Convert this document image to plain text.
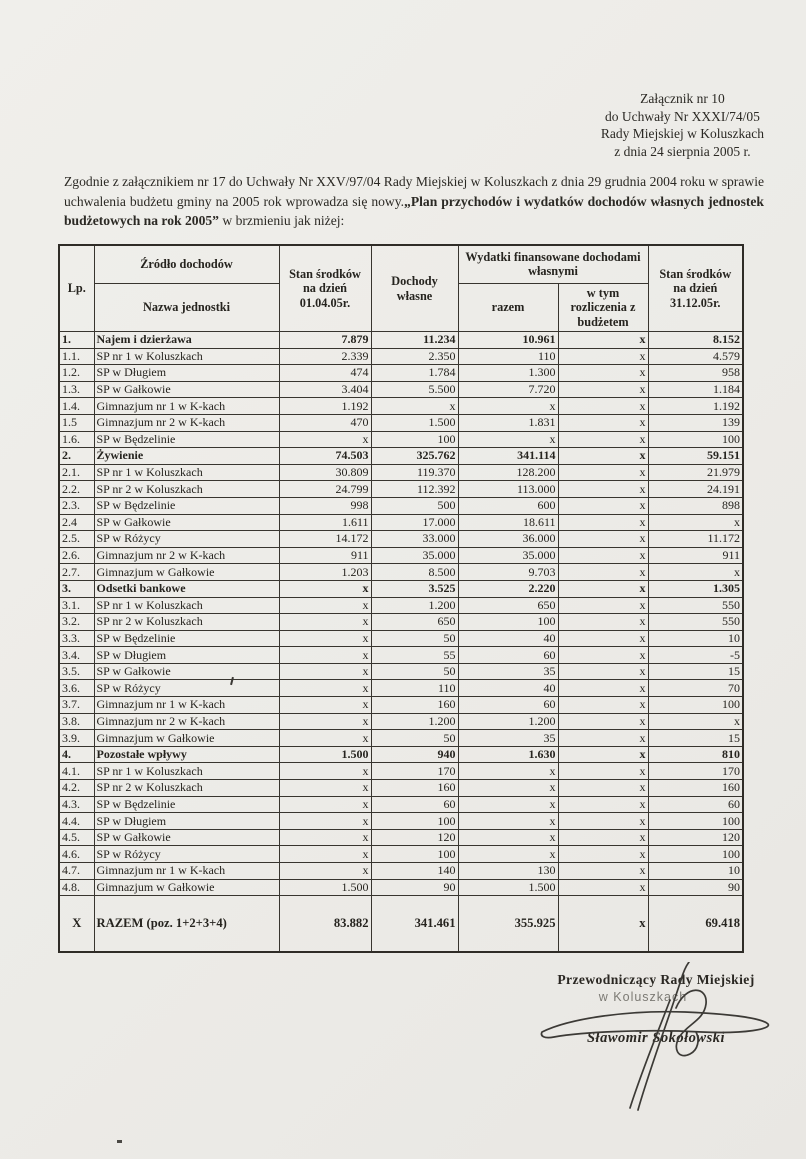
Załącznik nr 10
do Uchwały Nr XXXI/74/05
Rady Miejskiej w Koluszkach
z dnia 24 sierpnia 2005 r.

Zgodnie z załącznikiem nr 17 do Uchwały Nr XXV/97/04 Rady Miejskiej w Koluszkach z dnia 29 grudnia 2004 roku w sprawie uchwalenia budżetu gminy na 2005 rok wprowadza się nowy.„Plan przychodów i wydatków dochodów własnych jednostek budżetowych na rok 2005” w brzmieniu jak niżej:

Lp.	Źródło dochodów	Stan środków na dzień 01.04.05r.	Dochody własne	Wydatki finansowane dochodami własnymi		Stan środków na dzień 31.12.05r.
	Nazwa jednostki			razem	w tym rozliczenia z budżetem	
1.	Najem i dzierżawa	7.879	11.234	10.961	x	8.152
1.1.	SP nr 1 w Koluszkach	2.339	2.350	110	x	4.579
1.2.	SP w Długiem	474	1.784	1.300	x	958
1.3.	SP w Gałkowie	3.404	5.500	7.720	x	1.184
1.4.	Gimnazjum nr 1 w K-kach	1.192	x	x	x	1.192
1.5	Gimnazjum nr 2 w K-kach	470	1.500	1.831	x	139
1.6.	SP w Będzelinie	x	100	x	x	100
2.	Żywienie	74.503	325.762	341.114	x	59.151
2.1.	SP nr 1 w Koluszkach	30.809	119.370	128.200	x	21.979
2.2.	SP nr 2 w Koluszkach	24.799	112.392	113.000	x	24.191
2.3.	SP w Będzelinie	998	500	600	x	898
2.4	SP w Gałkowie	1.611	17.000	18.611	x	x
2.5.	SP w Różycy	14.172	33.000	36.000	x	11.172
2.6.	Gimnazjum nr 2 w K-kach	911	35.000	35.000	x	911
2.7.	Gimnazjum w Gałkowie	1.203	8.500	9.703	x	x
3.	Odsetki bankowe	x	3.525	2.220	x	1.305
3.1.	SP nr 1 w Koluszkach	x	1.200	650	x	550
3.2.	SP nr 2 w Koluszkach	x	650	100	x	550
3.3.	SP w Będzelinie	x	50	40	x	10
3.4.	SP w Długiem	x	55	60	x	-5
3.5.	SP w Gałkowie	x	50	35	x	15
3.6.	SP w Różycy	x	110	40	x	70
3.7.	Gimnazjum nr 1 w K-kach	x	160	60	x	100
3.8.	Gimnazjum nr 2 w K-kach	x	1.200	1.200	x	x
3.9.	Gimnazjum w Gałkowie	x	50	35	x	15
4.	Pozostałe wpływy	1.500	940	1.630	x	810
4.1.	SP nr 1 w Koluszkach	x	170	x	x	170
4.2.	SP nr 2 w Koluszkach	x	160	x	x	160
4.3.	SP w Będzelinie	x	60	x	x	60
4.4.	SP w Długiem	x	100	x	x	100
4.5.	SP w Gałkowie	x	120	x	x	120
4.6.	SP w Różycy	x	100	x	x	100
4.7.	Gimnazjum nr 1 w K-kach	x	140	130	x	10
4.8.	Gimnazjum w Gałkowie	1.500	90	1.500	x	90
X	RAZEM (poz. 1+2+3+4)	83.882	341.461	355.925	x	69.418
Przewodniczący Rady Miejskiej
w Koluszkach
Sławomir Sokołowski
